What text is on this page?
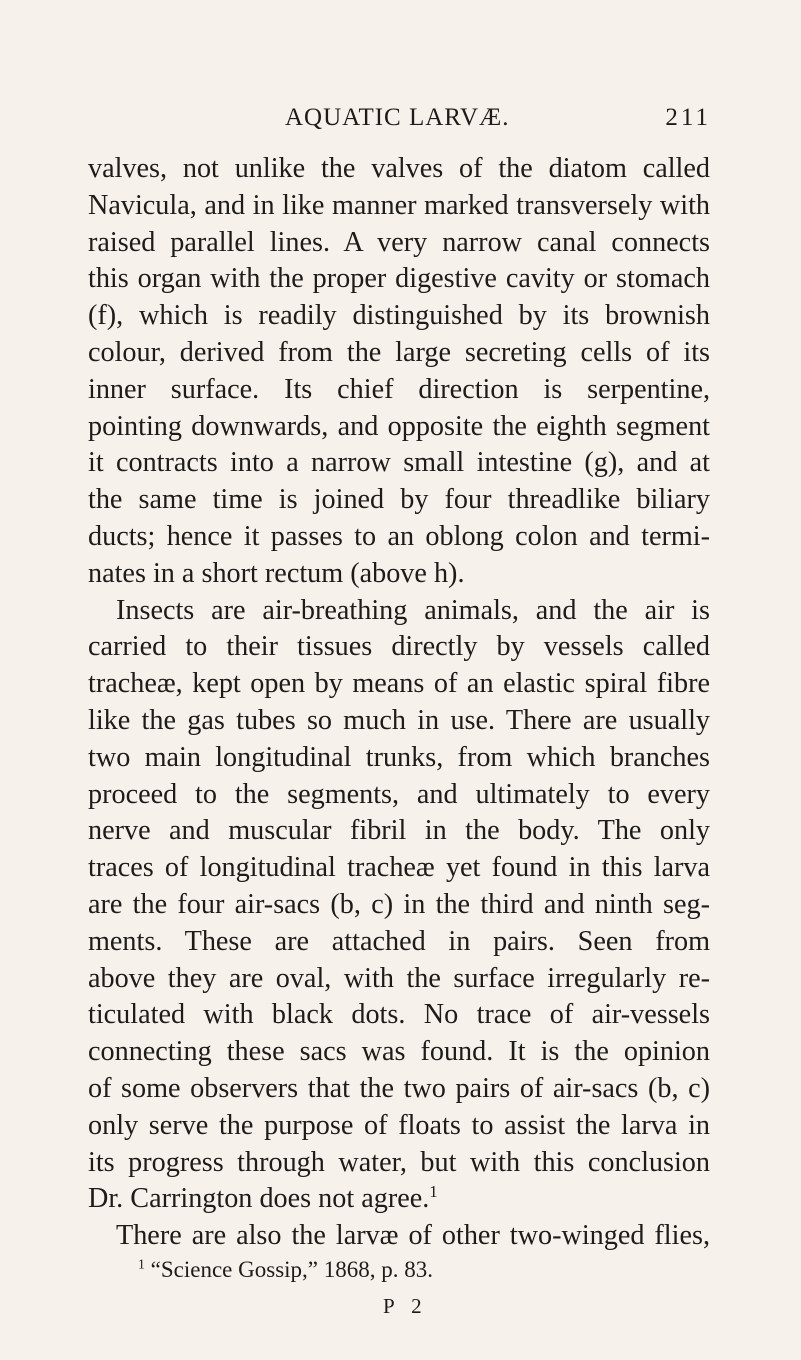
AQUATIC LARVÆ.	211
valves, not unlike the valves of the diatom called
Navicula, and in like manner marked transversely with
raised parallel lines. A very narrow canal connects
this organ with the proper digestive cavity or stomach
(f), which is readily distinguished by its brownish
colour, derived from the large secreting cells of its
inner surface. Its chief direction is serpentine,
pointing downwards, and opposite the eighth segment
it contracts into a narrow small intestine (g), and at
the same time is joined by four threadlike biliary
ducts; hence it passes to an oblong colon and termi-
nates in a short rectum (above h).
Insects are air-breathing animals, and the air is
carried to their tissues directly by vessels called
tracheæ, kept open by means of an elastic spiral fibre
like the gas tubes so much in use. There are usually
two main longitudinal trunks, from which branches
proceed to the segments, and ultimately to every
nerve and muscular fibril in the body. The only
traces of longitudinal tracheæ yet found in this larva
are the four air-sacs (b, c) in the third and ninth seg-
ments. These are attached in pairs. Seen from
above they are oval, with the surface irregularly re-
ticulated with black dots. No trace of air-vessels
connecting these sacs was found. It is the opinion
of some observers that the two pairs of air-sacs (b, c)
only serve the purpose of floats to assist the larva in
its progress through water, but with this conclusion
Dr. Carrington does not agree.$^1$
There are also the larvæ of other two-winged flies,
$^1$ “Science Gossip,” 1868, p. 83.
P 2
